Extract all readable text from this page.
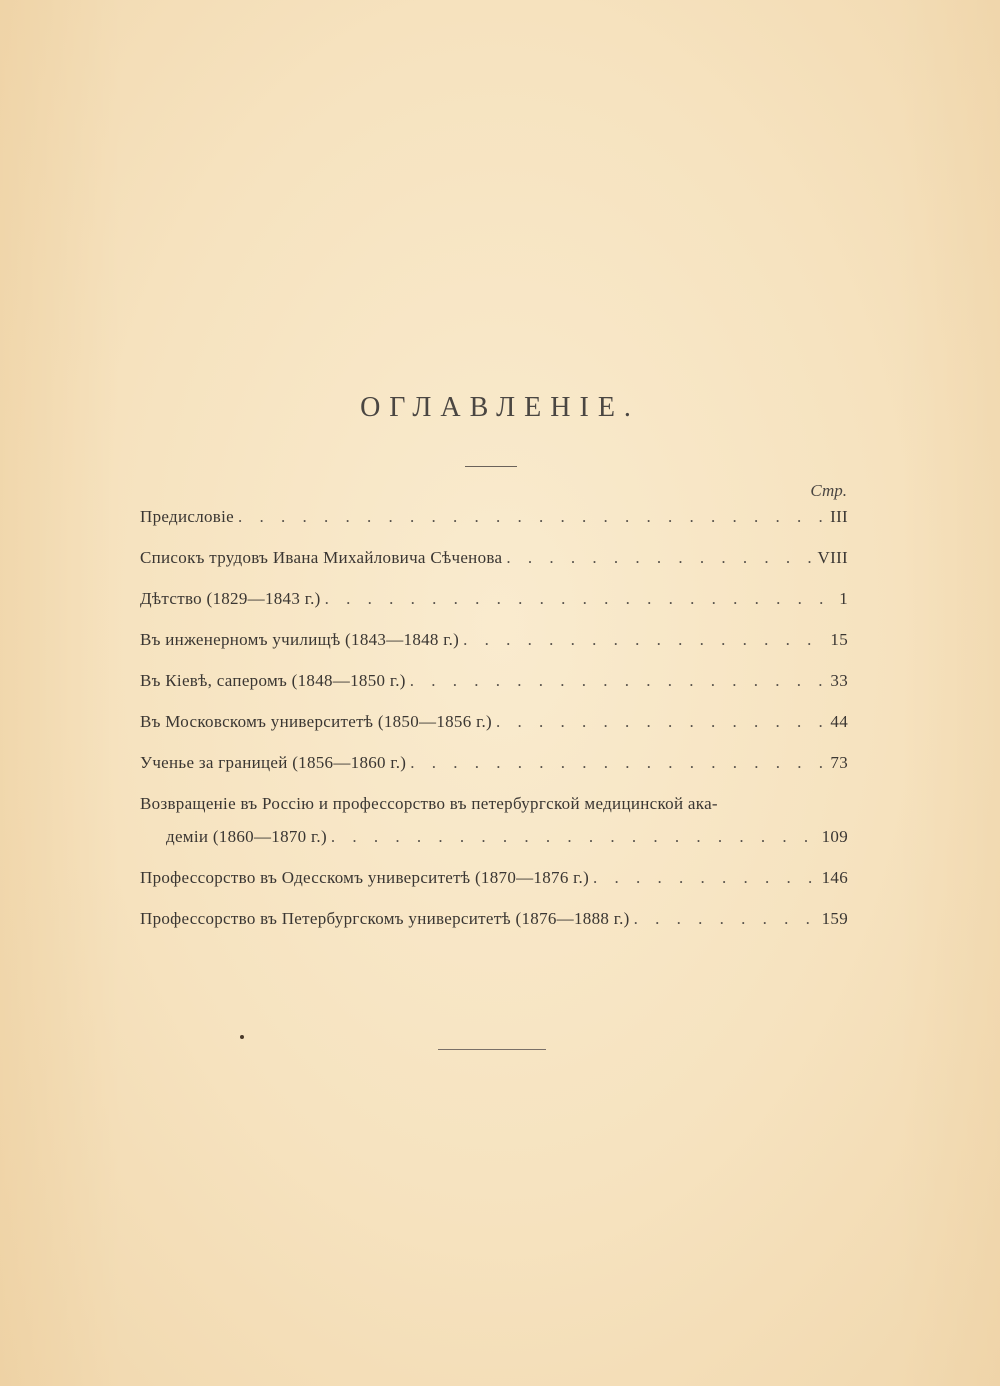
ОГЛАВЛЕНІЕ.
Стр.
Предисловіе . . .	III
Списокъ трудовъ Ивана Михайловича Сѣченова . . .	VIII
Дѣтство (1829—1843 г.) . . .	1
Въ инженерномъ училищѣ (1843—1848 г.) . . .	15
Въ Кіевѣ, саперомъ (1848—1850 г.) . . .	33
Въ Московскомъ университетѣ (1850—1856 г.) . . .	44
Ученье за границей (1856—1860 г.) . . .	73
Возвращеніе въ Россію и профессорство въ петербургской медицинской ака-
деміи (1860—1870 г.) . . .	109
Профессорство въ Одесскомъ университетѣ (1870—1876 г.) . . .	146
Профессорство въ Петербургскомъ университетѣ (1876—1888 г.) . . .	159
